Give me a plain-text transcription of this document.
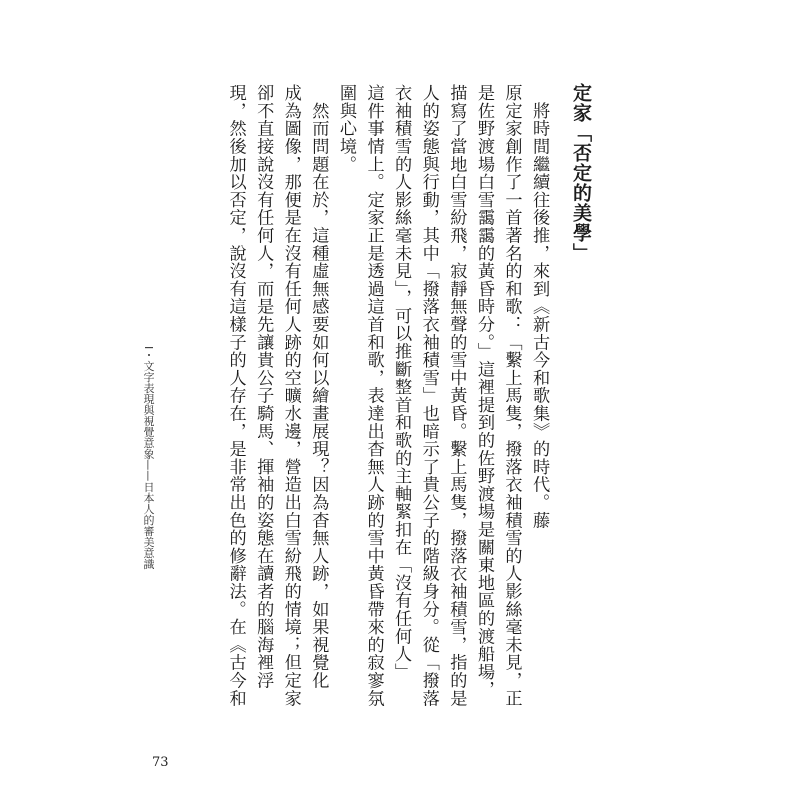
定家「否定的美學」

　將時間繼續往後推，來到《新古今和歌集》的時代。藤
原定家創作了一首著名的和歌：「繫上馬隻，撥落衣袖積雪的人影絲毫未見，正
是佐野渡場白雪靄靄的黃昏時分。」這裡提到的佐野渡場是關東地區的渡船場，
描寫了當地白雪紛飛，寂靜無聲的雪中黃昏。繫上馬隻，撥落衣袖積雪，指的是
人的姿態與行動，其中「撥落衣袖積雪」也暗示了貴公子的階級身分。從「撥落
衣袖積雪的人影絲毫未見」，可以推斷整首和歌的主軸緊扣在「沒有任何人」
這件事情上。定家正是透過這首和歌，表達出杳無人跡的雪中黃昏帶來的寂寥氛
圍與心境。

　然而問題在於，這種虛無感要如何以繪畫展現？因為杳無人跡，如果視覺化
成為圖像，那便是在沒有任何人跡的空曠水邊，營造出白雪紛飛的情境；但定家
卻不直接說沒有任何人，而是先讓貴公子騎馬、揮袖的姿態在讀者的腦海裡浮
現，然後加以否定，說沒有這樣子的人存在，是非常出色的修辭法。在《古今和

I・文字表現與視覺意象——日本人的審美意識
73
